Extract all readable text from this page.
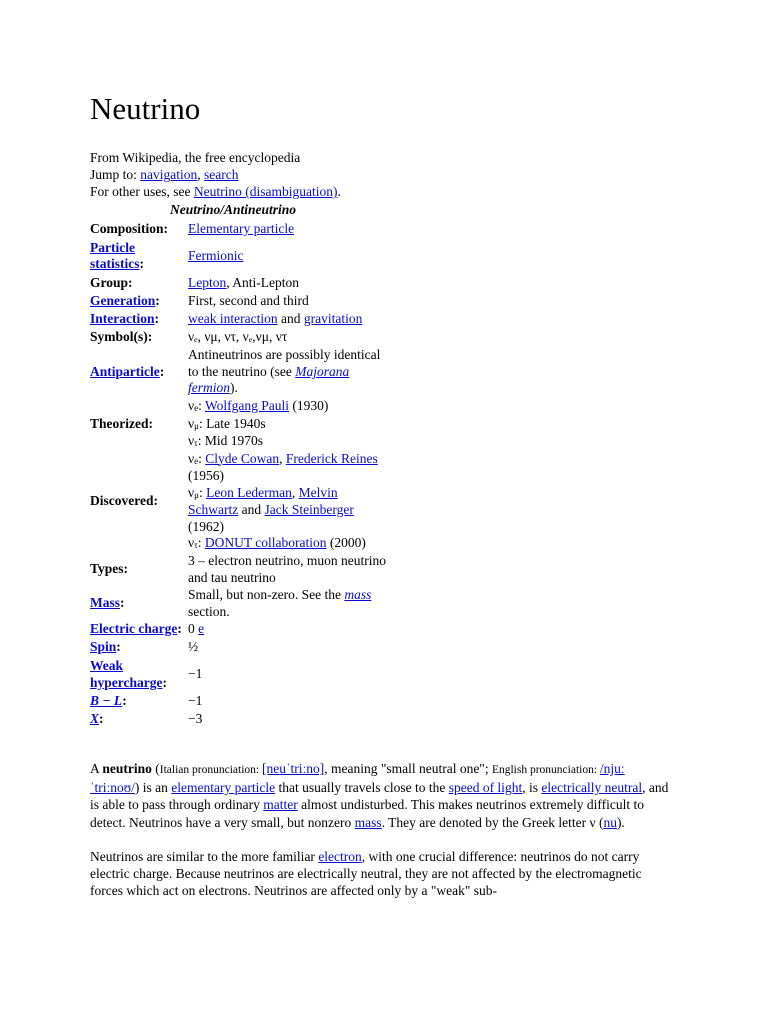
Neutrino
From Wikipedia, the free encyclopedia
Jump to: navigation, search
For other uses, see Neutrino (disambiguation).
Neutrino/Antineutrino
Composition:	Elementary particle
Particle statistics:	Fermionic
Group:	Lepton, Anti-Lepton
Generation:	First, second and third
Interaction:	weak interaction and gravitation
Symbol(s):	νₑ, νμ, ντ, νₑ,νμ, ντ
Antiparticle:	Antineutrinos are possibly identical to the neutrino (see Majorana fermion).
Theorized:	νe: Wolfgang Pauli (1930)
νμ: Late 1940s
ντ: Mid 1970s

Discovered:	νe: Clyde Cowan, Frederick Reines (1956)
νμ: Leon Lederman, Melvin Schwartz and Jack Steinberger (1962)
ντ: DONUT collaboration (2000)

Types:	3 – electron neutrino, muon neutrino and tau neutrino
Mass:	Small, but non-zero. See the mass section.
Electric charge:	0 e
Spin:	½
Weak hypercharge:	−1
B − L:	−1
X:	−3

A neutrino (Italian pronunciation: [neuˈtriːno], meaning "small neutral one"; English pronunciation: /njuːˈtriːnoʊ/) is an elementary particle that usually travels close to the speed of light, is electrically neutral, and is able to pass through ordinary matter almost undisturbed. This makes neutrinos extremely difficult to detect. Neutrinos have a very small, but nonzero mass. They are denoted by the Greek letter ν (nu).

Neutrinos are similar to the more familiar electron, with one crucial difference: neutrinos do not carry electric charge. Because neutrinos are electrically neutral, they are not affected by the electromagnetic forces which act on electrons. Neutrinos are affected only by a "weak" sub-
